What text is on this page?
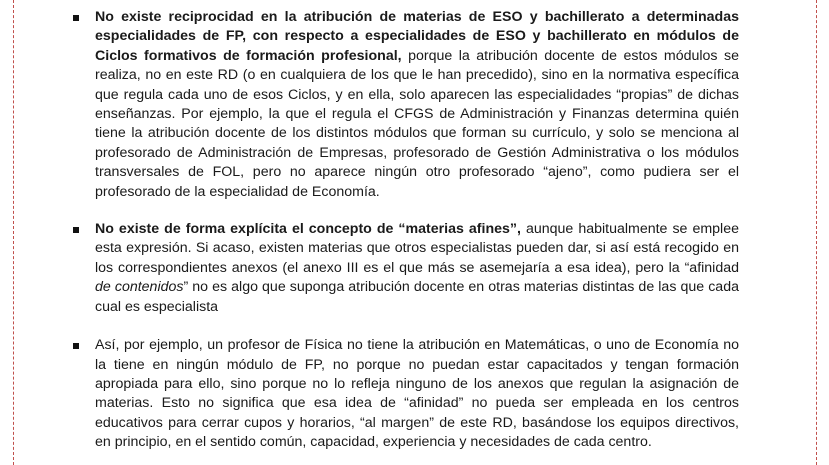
No existe reciprocidad en la atribución de materias de ESO y bachillerato a determinadas especialidades de FP, con respecto a especialidades de ESO y bachillerato en módulos de Ciclos formativos de formación profesional, porque la atribución docente de estos módulos se realiza, no en este RD (o en cualquiera de los que le han precedido), sino en la normativa específica que regula cada uno de esos Ciclos, y en ella, solo aparecen las especialidades “propias” de dichas enseñanzas. Por ejemplo, la que el regula el CFGS de Administración y Finanzas determina quién tiene la atribución docente de los distintos módulos que forman su currículo, y solo se menciona al profesorado de Administración de Empresas, profesorado de Gestión Administrativa o los módulos transversales de FOL, pero no aparece ningún otro profesorado “ajeno”, como pudiera ser el profesorado de la especialidad de Economía.
No existe de forma explícita el concepto de “materias afines”, aunque habitualmente se emplee esta expresión. Si acaso, existen materias que otros especialistas pueden dar, si así está recogido en los correspondientes anexos (el anexo III es el que más se asemejaría a esa idea), pero la “afinidad de contenidos” no es algo que suponga atribución docente en otras materias distintas de las que cada cual es especialista
Así, por ejemplo, un profesor de Física no tiene la atribución en Matemáticas, o uno de Economía no la tiene en ningún módulo de FP, no porque no puedan estar capacitados y tengan formación apropiada para ello, sino porque no lo refleja ninguno de los anexos que regulan la asignación de materias. Esto no significa que esa idea de “afinidad” no pueda ser empleada en los centros educativos para cerrar cupos y horarios, “al margen” de este RD, basándose los equipos directivos, en principio, en el sentido común, capacidad, experiencia y necesidades de cada centro.
